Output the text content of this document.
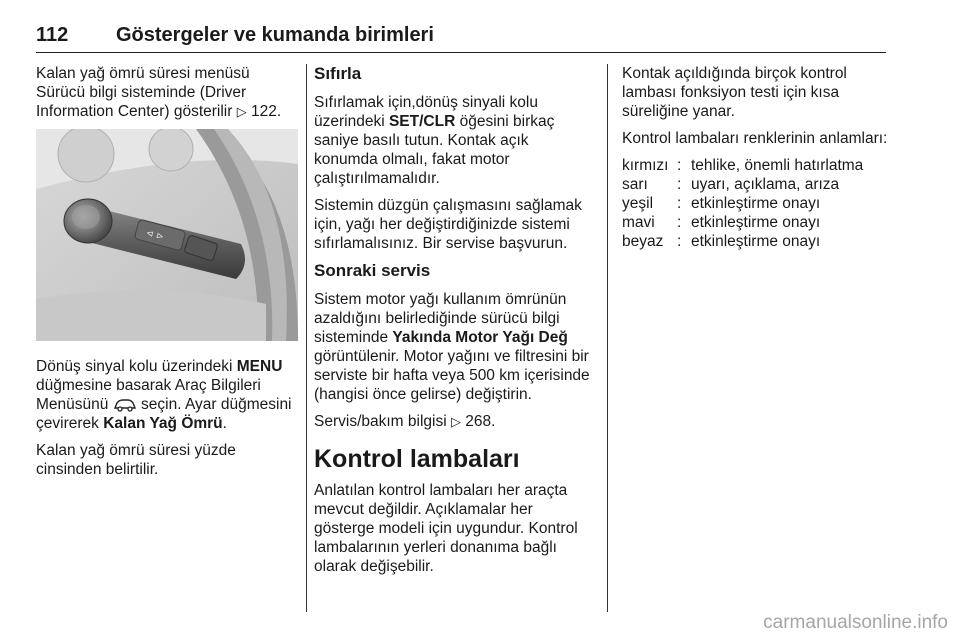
112 Göstergeler ve kumanda birimleri

Kalan yağ ömrü süresi menüsü Sürücü bilgi sisteminde (Driver Information Center) gösterilir ▷ 122.

⊲ ⊳

Dönüş sinyal kolu üzerindeki MENU düğmesine basarak Araç Bilgileri Menüsünü seçin. Ayar düğmesini çevirerek Kalan Yağ Ömrü.

Kalan yağ ömrü süresi yüzde cinsinden belirtilir.

Sıfırla

Sıfırlamak için,dönüş sinyali kolu üzerindeki SET/CLR öğesini birkaç saniye basılı tutun. Kontak açık konumda olmalı, fakat motor çalıştırılmamalıdır.

Sistemin düzgün çalışmasını sağlamak için, yağı her değiştirdiğinizde sistemi sıfırlamalısınız. Bir servise başvurun.

Sonraki servis

Sistem motor yağı kullanım ömrünün azaldığını belirlediğinde sürücü bilgi sisteminde Yakında Motor Yağı Değ görüntülenir. Motor yağını ve filtresini bir serviste bir hafta veya 500 km içerisinde (hangisi önce gelirse) değiştirin.

Servis/bakım bilgisi ▷ 268.

Kontrol lambaları

Anlatılan kontrol lambaları her araçta mevcut değildir. Açıklamalar her gösterge modeli için uygundur. Kontrol lambalarının yerleri donanıma bağlı olarak değişebilir.

Kontak açıldığında birçok kontrol lambası fonksiyon testi için kısa süreliğine yanar.

Kontrol lambaları renklerinin anlamları:

kırmızı	:	tehlike, önemli hatırlatma
sarı	:	uyarı, açıklama, arıza
yeşil	:	etkinleştirme onayı
mavi	:	etkinleştirme onayı
beyaz	:	etkinleştirme onayı
carmanualsonline.info
